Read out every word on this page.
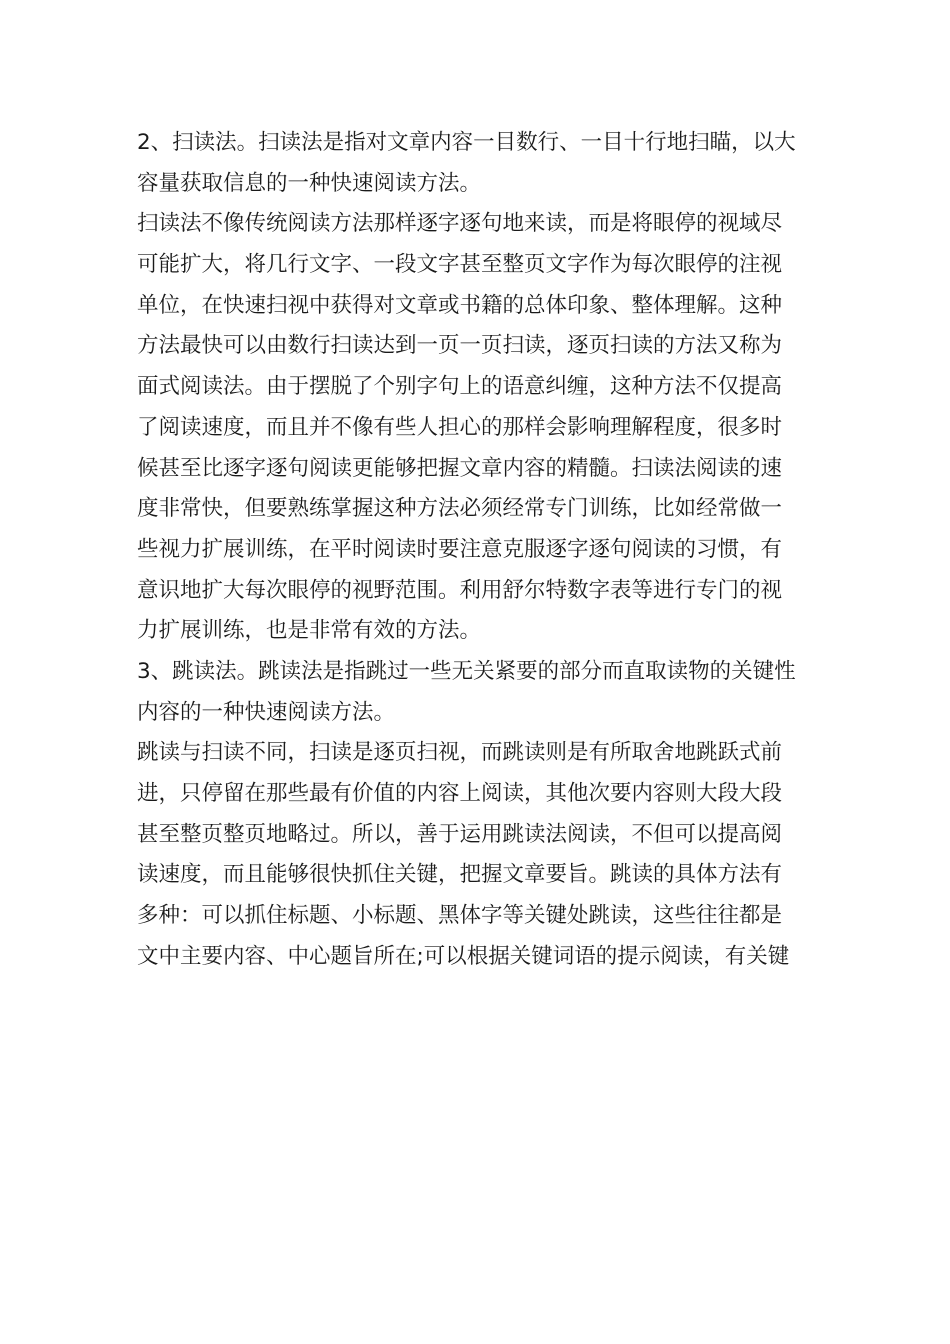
2、扫读法。扫读法是指对文章内容一目数行、一目十行地扫瞄，以大
容量获取信息的一种快速阅读方法。
扫读法不像传统阅读方法那样逐字逐句地来读，而是将眼停的视域尽
可能扩大，将几行文字、一段文字甚至整页文字作为每次眼停的注视
单位，在快速扫视中获得对文章或书籍的总体印象、整体理解。这种
方法最快可以由数行扫读达到一页一页扫读，逐页扫读的方法又称为
面式阅读法。由于摆脱了个别字句上的语意纠缠，这种方法不仅提高
了阅读速度，而且并不像有些人担心的那样会影响理解程度，很多时
候甚至比逐字逐句阅读更能够把握文章内容的精髓。扫读法阅读的速
度非常快，但要熟练掌握这种方法必须经常专门训练，比如经常做一
些视力扩展训练，在平时阅读时要注意克服逐字逐句阅读的习惯，有
意识地扩大每次眼停的视野范围。利用舒尔特数字表等进行专门的视
力扩展训练，也是非常有效的方法。
3、跳读法。跳读法是指跳过一些无关紧要的部分而直取读物的关键性
内容的一种快速阅读方法。
跳读与扫读不同，扫读是逐页扫视，而跳读则是有所取舍地跳跃式前
进，只停留在那些最有价值的内容上阅读，其他次要内容则大段大段
甚至整页整页地略过。所以，善于运用跳读法阅读，不但可以提高阅
读速度，而且能够很快抓住关键，把握文章要旨。跳读的具体方法有
多种：可以抓住标题、小标题、黑体字等关键处跳读，这些往往都是
文中主要内容、中心题旨所在;可以根据关键词语的提示阅读，有关键
